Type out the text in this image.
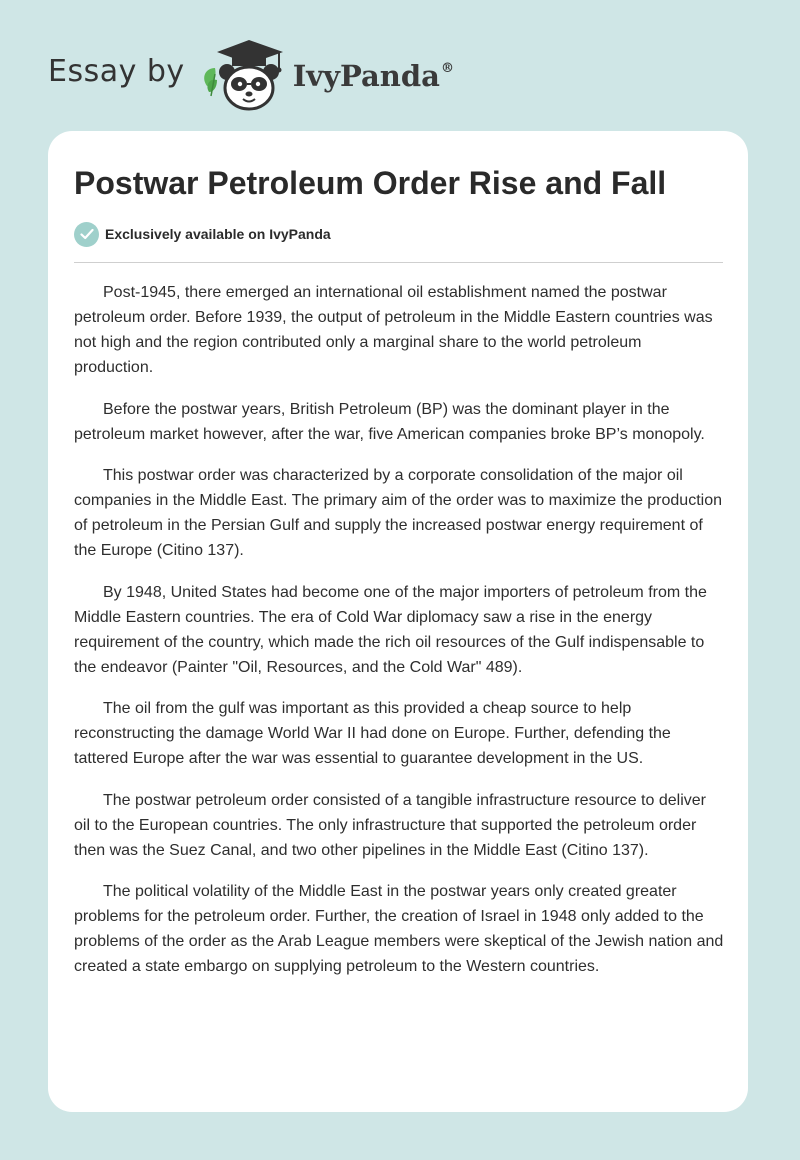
Essay by	IvyPanda®
Postwar Petroleum Order Rise and Fall
Exclusively available on IvyPanda

Post-1945, there emerged an international oil establishment named the postwar petroleum order. Before 1939, the output of petroleum in the Middle Eastern countries was not high and the region contributed only a marginal share to the world petroleum production.

Before the postwar years, British Petroleum (BP) was the dominant player in the petroleum market however, after the war, five American companies broke BP’s monopoly.

This postwar order was characterized by a corporate consolidation of the major oil companies in the Middle East. The primary aim of the order was to maximize the production of petroleum in the Persian Gulf and supply the increased postwar energy requirement of the Europe (Citino 137).

By 1948, United States had become one of the major importers of petroleum from the Middle Eastern countries. The era of Cold War diplomacy saw a rise in the energy requirement of the country, which made the rich oil resources of the Gulf indispensable to the endeavor (Painter "Oil, Resources, and the Cold War" 489).

The oil from the gulf was important as this provided a cheap source to help reconstructing the damage World War II had done on Europe. Further, defending the tattered Europe after the war was essential to guarantee development in the US.

The postwar petroleum order consisted of a tangible infrastructure resource to deliver oil to the European countries. The only infrastructure that supported the petroleum order then was the Suez Canal, and two other pipelines in the Middle East (Citino 137).

The political volatility of the Middle East in the postwar years only created greater problems for the petroleum order. Further, the creation of Israel in 1948 only added to the problems of the order as the Arab League members were skeptical of the Jewish nation and created a state embargo on supplying petroleum to the Western countries.
